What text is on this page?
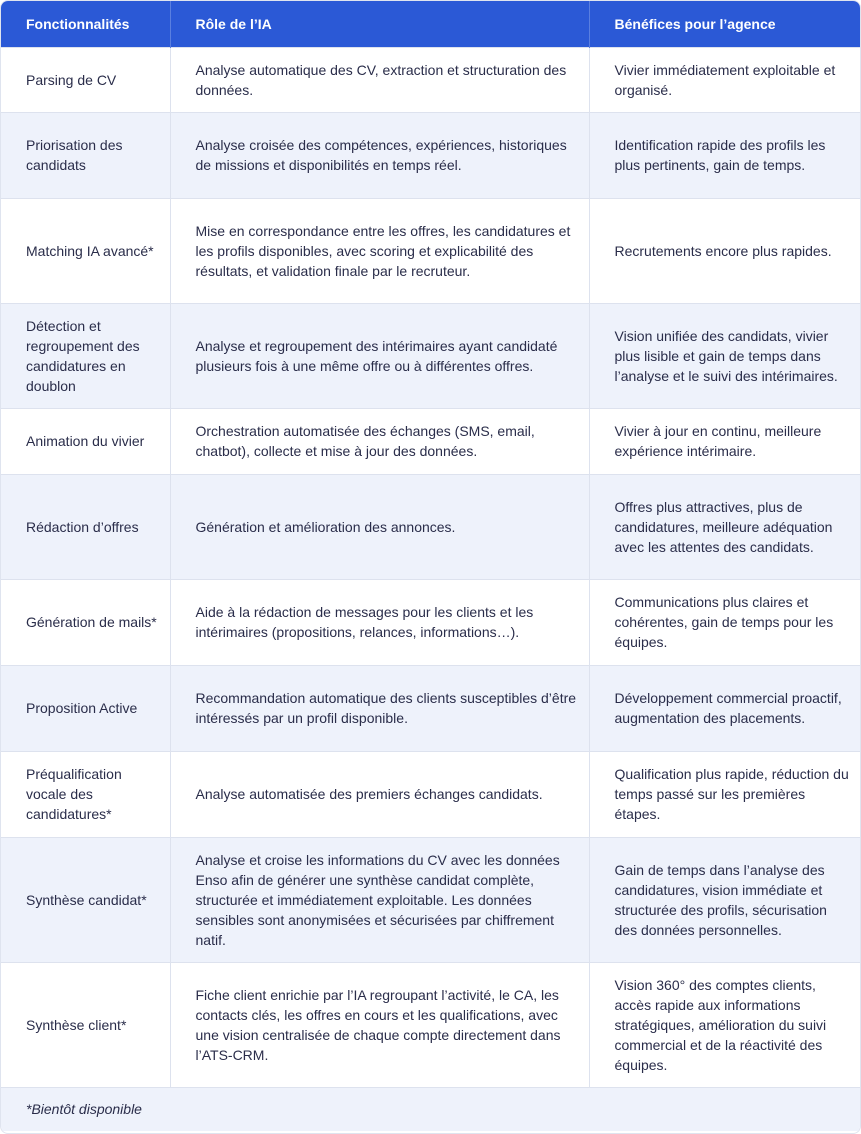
Fonctionnalités	Rôle de l’IA	Bénéfices pour l’agence
Parsing de CV	Analyse automatique des CV, extraction et structuration des données.	Vivier immédiatement exploitable et organisé.
Priorisation des candidats	Analyse croisée des compétences, expériences, historiques de missions et disponibilités en temps réel.	Identification rapide des profils les plus pertinents, gain de temps.
Matching IA avancé*	Mise en correspondance entre les offres, les candidatures et les profils disponibles, avec scoring et explicabilité des résultats, et validation finale par le recruteur.	Recrutements encore plus rapides.
Détection et regroupement des candidatures en doublon	Analyse et regroupement des intérimaires ayant candidaté plusieurs fois à une même offre ou à différentes offres.	Vision unifiée des candidats, vivier plus lisible et gain de temps dans l’analyse et le suivi des intérimaires.
Animation du vivier	Orchestration automatisée des échanges (SMS, email, chatbot), collecte et mise à jour des données.	Vivier à jour en continu, meilleure expérience intérimaire.
Rédaction d’offres	Génération et amélioration des annonces.	Offres plus attractives, plus de candidatures, meilleure adéquation avec les attentes des candidats.
Génération de mails*	Aide à la rédaction de messages pour les clients et les intérimaires (propositions, relances, informations…).	Communications plus claires et cohérentes, gain de temps pour les équipes.
Proposition Active	Recommandation automatique des clients susceptibles d’être intéressés par un profil disponible.	Développement commercial proactif, augmentation des placements.
Préqualification vocale des candidatures*	Analyse automatisée des premiers échanges candidats.	Qualification plus rapide, réduction du temps passé sur les premières étapes.
Synthèse candidat*	Analyse et croise les informations du CV avec les données Enso afin de générer une synthèse candidat complète, structurée et immédiatement exploitable. Les données sensibles sont anonymisées et sécurisées par chiffrement natif.	Gain de temps dans l’analyse des candidatures, vision immédiate et structurée des profils, sécurisation des données personnelles.
Synthèse client*	Fiche client enrichie par l’IA regroupant l’activité, le CA, les contacts clés, les offres en cours et les qualifications, avec une vision centralisée de chaque compte directement dans l’ATS-CRM.	Vision 360° des comptes clients, accès rapide aux informations stratégiques, amélioration du suivi commercial et de la réactivité des équipes.
*Bientôt disponible		
